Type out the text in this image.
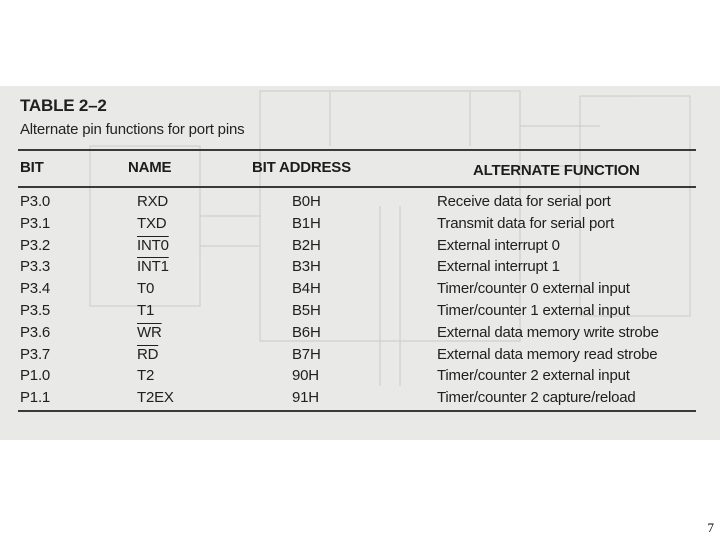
TABLE 2–2
Alternate pin functions for port pins
BIT	NAME	BIT ADDRESS	ALTERNATE FUNCTION
P3.0	RXD	B0H	Receive data for serial port
P3.1	TXD	B1H	Transmit data for serial port
P3.2	INT0	B2H	External interrupt 0
P3.3	INT1	B3H	External interrupt 1
P3.4	T0	B4H	Timer/counter 0 external input
P3.5	T1	B5H	Timer/counter 1 external input
P3.6	$\overline{WR}$	B6H	External data memory write strobe
P3.7	$\overline{RD}$	B7H	External data memory read strobe
P1.0	T2	90H	Timer/counter 2 external input
P1.1	T2EX	91H	Timer/counter 2 capture/reload
7
